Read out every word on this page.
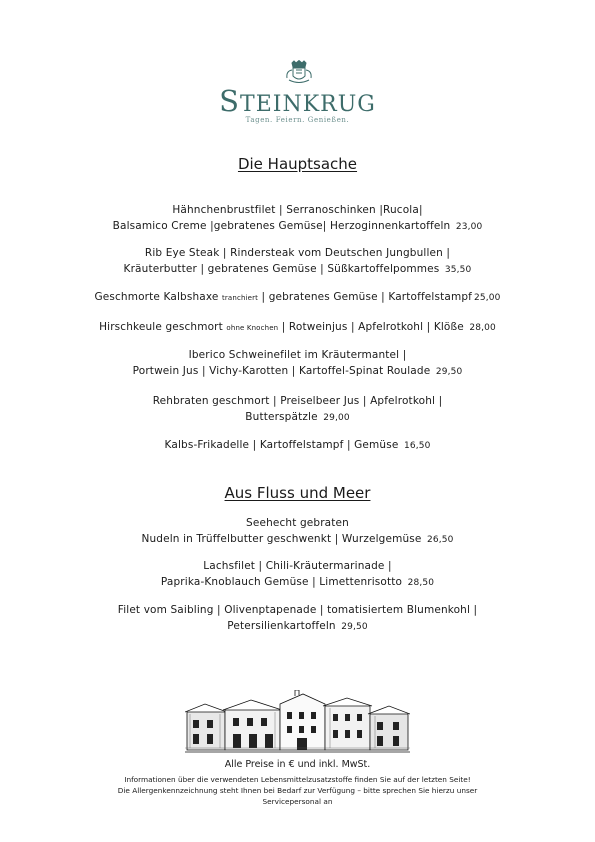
STEINKRUG
Tagen. Feiern. Genießen.
Die Hauptsache
Hähnchenbrustfilet | Serranoschinken |Rucola|
Balsamico Creme |gebratenes Gemüse| Herzoginnenkartoffeln 23,00
Rib Eye Steak | Rindersteak vom Deutschen Jungbullen |
Kräuterbutter | gebratenes Gemüse | Süßkartoffelpommes 35,50
Geschmorte Kalbshaxe tranchiert | gebratenes Gemüse | Kartoffelstampf 25,00
Hirschkeule geschmort ohne Knochen | Rotweinjus | Apfelrotkohl | Klöße 28,00
Iberico Schweinefilet im Kräutermantel |
Portwein Jus | Vichy-Karotten | Kartoffel-Spinat Roulade 29,50
Rehbraten geschmort | Preiselbeer Jus | Apfelrotkohl |
Butterspätzle 29,00
Kalbs-Frikadelle | Kartoffelstampf | Gemüse 16,50
Aus Fluss und Meer
Seehecht gebraten
Nudeln in Trüffelbutter geschwenkt | Wurzelgemüse 26,50
Lachsfilet | Chili-Kräutermarinade |
Paprika-Knoblauch Gemüse | Limettenrisotto 28,50
Filet vom Saibling | Olivenptapenade | tomatisiertem Blumenkohl |
Petersilienkartoffeln 29,50
Alle Preise in € und inkl. MwSt.
Informationen über die verwendeten Lebensmittelzusatzstoffe finden Sie auf der letzten Seite!
Die Allergenkennzeichnung steht Ihnen bei Bedarf zur Verfügung – bitte sprechen Sie hierzu unser
Servicepersonal an
